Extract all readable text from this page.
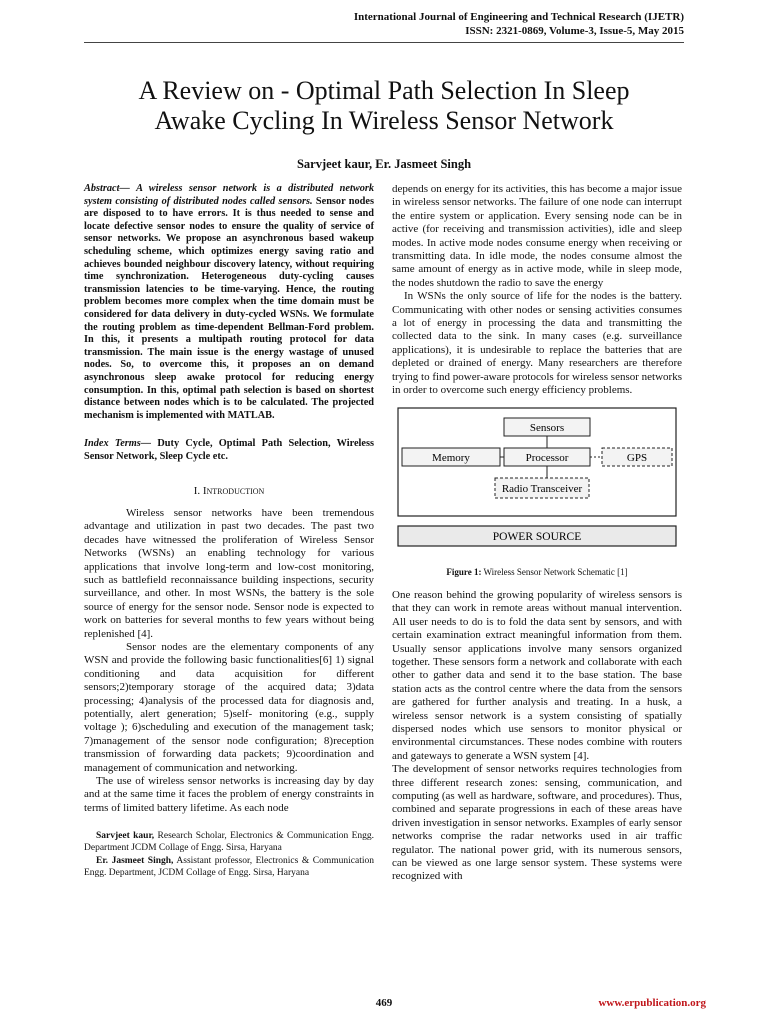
International Journal of Engineering and Technical Research (IJETR)
ISSN: 2321-0869, Volume-3, Issue-5, May 2015
A Review on - Optimal Path Selection In Sleep
Awake Cycling In Wireless Sensor Network
Sarvjeet kaur, Er. Jasmeet Singh

Abstract— A wireless sensor network is a distributed network system consisting of distributed nodes called sensors. Sensor nodes are disposed to to have errors. It is thus needed to sense and locate defective sensor nodes to ensure the quality of service of sensor networks. We propose an asynchronous based wakeup scheduling scheme, which optimizes energy saving ratio and achieves bounded neighbour discovery latency, without requiring time synchronization. Heterogeneous duty-cycling causes transmission latencies to be time-varying. Hence, the routing problem becomes more complex when the time domain must be considered for data delivery in duty-cycled WSNs. We formulate the routing problem as time-dependent Bellman-Ford problem. In this, it presents a multipath routing protocol for data transmission. The main issue is the energy wastage of unused nodes. So, to overcome this, it proposes an on demand asynchronous sleep awake protocol for reducing energy consumption. In this, optimal path selection is based on shortest distance between nodes which is to be calculated. The projected mechanism is implemented with MATLAB.

Index Terms— Duty Cycle, Optimal Path Selection, Wireless Sensor Network, Sleep Cycle etc.

I. Introduction

Wireless sensor networks have been tremendous advantage and utilization in past two decades. The past two decades have witnessed the proliferation of Wireless Sensor Networks (WSNs) an enabling technology for various applications that involve long-term and low-cost monitoring, such as battlefield reconnaissance building inspections, security surveillance, and other. In most WSNs, the battery is the sole source of energy for the sensor node. Sensor node is expected to work on batteries for several months to few years without being replenished [4].

Sensor nodes are the elementary components of any WSN and provide the following basic functionalities[6] 1) signal conditioning and data acquisition for different sensors;2)temporary storage of the acquired data; 3)data processing; 4)analysis of the processed data for diagnosis and, potentially, alert generation; 5)self- monitoring (e.g., supply voltage ); 6)scheduling and execution of the management task; 7)management of the sensor node configuration; 8)reception transmission of forwarding data packets; 9)coordination and management of communication and networking.

The use of wireless sensor networks is increasing day by day and at the same time it faces the problem of energy constraints in terms of limited battery lifetime. As each node

Sarvjeet kaur, Research Scholar, Electronics & Communication Engg. Department JCDM Collage of Engg. Sirsa, Haryana

Er. Jasmeet Singh, Assistant professor, Electronics & Communication Engg. Department, JCDM Collage of Engg. Sirsa, Haryana

depends on energy for its activities, this has become a major issue in wireless sensor networks. The failure of one node can interrupt the entire system or application. Every sensing node can be in active (for receiving and transmission activities), idle and sleep modes. In active mode nodes consume energy when receiving or transmitting data. In idle mode, the nodes consume almost the same amount of energy as in active mode, while in sleep mode, the nodes shutdown the radio to save the energy

In WSNs the only source of life for the nodes is the battery. Communicating with other nodes or sensing activities consumes a lot of energy in processing the data and transmitting the collected data to the sink. In many cases (e.g. surveillance applications), it is undesirable to replace the batteries that are depleted or drained of energy. Many researchers are therefore trying to find power-aware protocols for wireless sensor networks in order to overcome such energy efficiency problems.

Sensors
Memory	Processor	GPS
Radio Transceiver
POWER SOURCE

Figure 1: Wireless Sensor Network Schematic [1]

One reason behind the growing popularity of wireless sensors is that they can work in remote areas without manual intervention. All user needs to do is to fold the data sent by sensors, and with certain examination extract meaningful information from them. Usually sensor applications involve many sensors organized together. These sensors form a network and collaborate with each other to gather data and send it to the base station. The base station acts as the control centre where the data from the sensors are gathered for further analysis and treating. In a husk, a wireless sensor network is a system consisting of spatially dispersed nodes which use sensors to monitor physical or environmental circumstances. These nodes combine with routers and gateways to generate a WSN system [4].

The development of sensor networks requires technologies from three different research zones: sensing, communication, and computing (as well as hardware, software, and procedures). Thus, combined and separate progressions in each of these areas have driven investigation in sensor networks. Examples of early sensor networks comprise the radar networks used in air traffic regulator. The national power grid, with its numerous sensors, can be viewed as one large sensor system. These systems were recognized with

469	www.erpublication.org
